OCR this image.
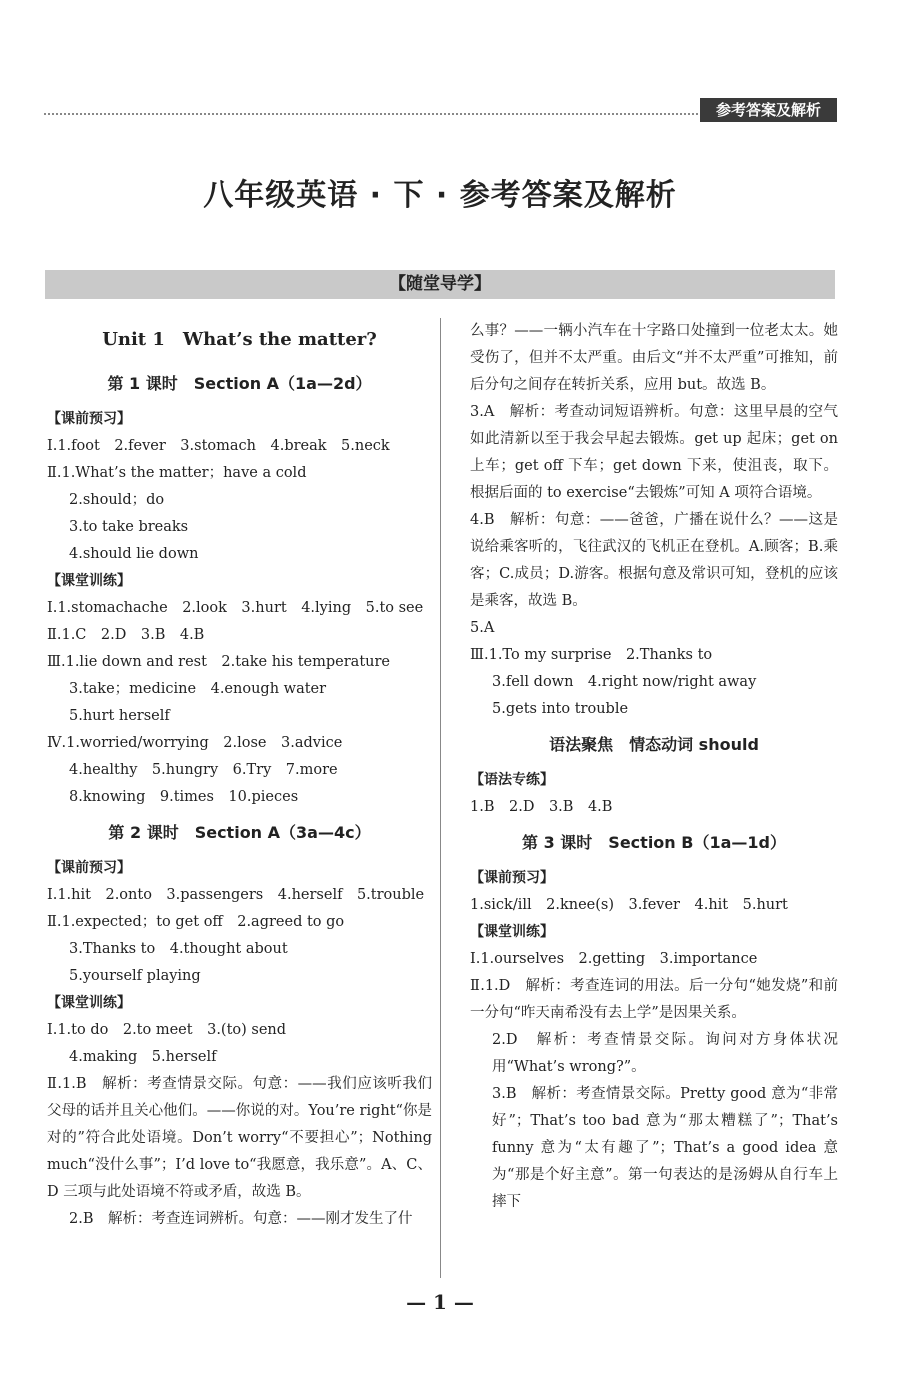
参考答案及解析
八年级英语 · 下 · 参考答案及解析
【随堂导学】
Unit 1　What’s the matter?
第 1 课时　Section A（1a—2d）
【课前预习】
Ⅰ.1.foot　2.fever　3.stomach　4.break　5.neck
Ⅱ.1.What’s the matter；have a cold
2.should；do
3.to take breaks
4.should lie down
【课堂训练】
Ⅰ.1.stomachache　2.look　3.hurt　4.lying　5.to see
Ⅱ.1.C　2.D　3.B　4.B
Ⅲ.1.lie down and rest　2.take his temperature
3.take；medicine　4.enough water
5.hurt herself
Ⅳ.1.worried/worrying　2.lose　3.advice
4.healthy　5.hungry　6.Try　7.more
8.knowing　9.times　10.pieces
第 2 课时　Section A（3a—4c）
【课前预习】
Ⅰ.1.hit　2.onto　3.passengers　4.herself　5.trouble
Ⅱ.1.expected；to get off　2.agreed to go
3.Thanks to　4.thought about
5.yourself playing
【课堂训练】
Ⅰ.1.to do　2.to meet　3.(to) send
4.making　5.herself
Ⅱ.1.B　解析：考查情景交际。句意：——我们应该听我们父母的话并且关心他们。——你说的对。You’re right“你是对的”符合此处语境。Don’t worry“不要担心”；Nothing much“没什么事”；I’d love to“我愿意，我乐意”。A、C、D 三项与此处语境不符或矛盾，故选 B。
2.B　解析：考查连词辨析。句意：——刚才发生了什
么事？——一辆小汽车在十字路口处撞到一位老太太。她受伤了，但并不太严重。由后文“并不太严重”可推知，前后分句之间存在转折关系，应用 but。故选 B。
3.A　解析：考查动词短语辨析。句意：这里早晨的空气如此清新以至于我会早起去锻炼。get up 起床；get on 上车；get off 下车；get down 下来，使沮丧，取下。根据后面的 to exercise“去锻炼”可知 A 项符合语境。
4.B　解析：句意：——爸爸，广播在说什么？——这是说给乘客听的，飞往武汉的飞机正在登机。A.顾客；B.乘客；C.成员；D.游客。根据句意及常识可知，登机的应该是乘客，故选 B。
5.A
Ⅲ.1.To my surprise　2.Thanks to
3.fell down　4.right now/right away
5.gets into trouble
语法聚焦　情态动词 should
【语法专练】
1.B　2.D　3.B　4.B
第 3 课时　Section B（1a—1d）
【课前预习】
1.sick/ill　2.knee(s)　3.fever　4.hit　5.hurt
【课堂训练】
Ⅰ.1.ourselves　2.getting　3.importance
Ⅱ.1.D　解析：考查连词的用法。后一分句“她发烧”和前一分句“昨天南希没有去上学”是因果关系。
2.D　解析：考查情景交际。询问对方身体状况用“What’s wrong?”。
3.B　解析：考查情景交际。Pretty good 意为“非常好”；That’s too bad 意为“那太糟糕了”；That’s funny 意为“太有趣了”；That’s a good idea 意为“那是个好主意”。第一句表达的是汤姆从自行车上摔下
— 1 —
